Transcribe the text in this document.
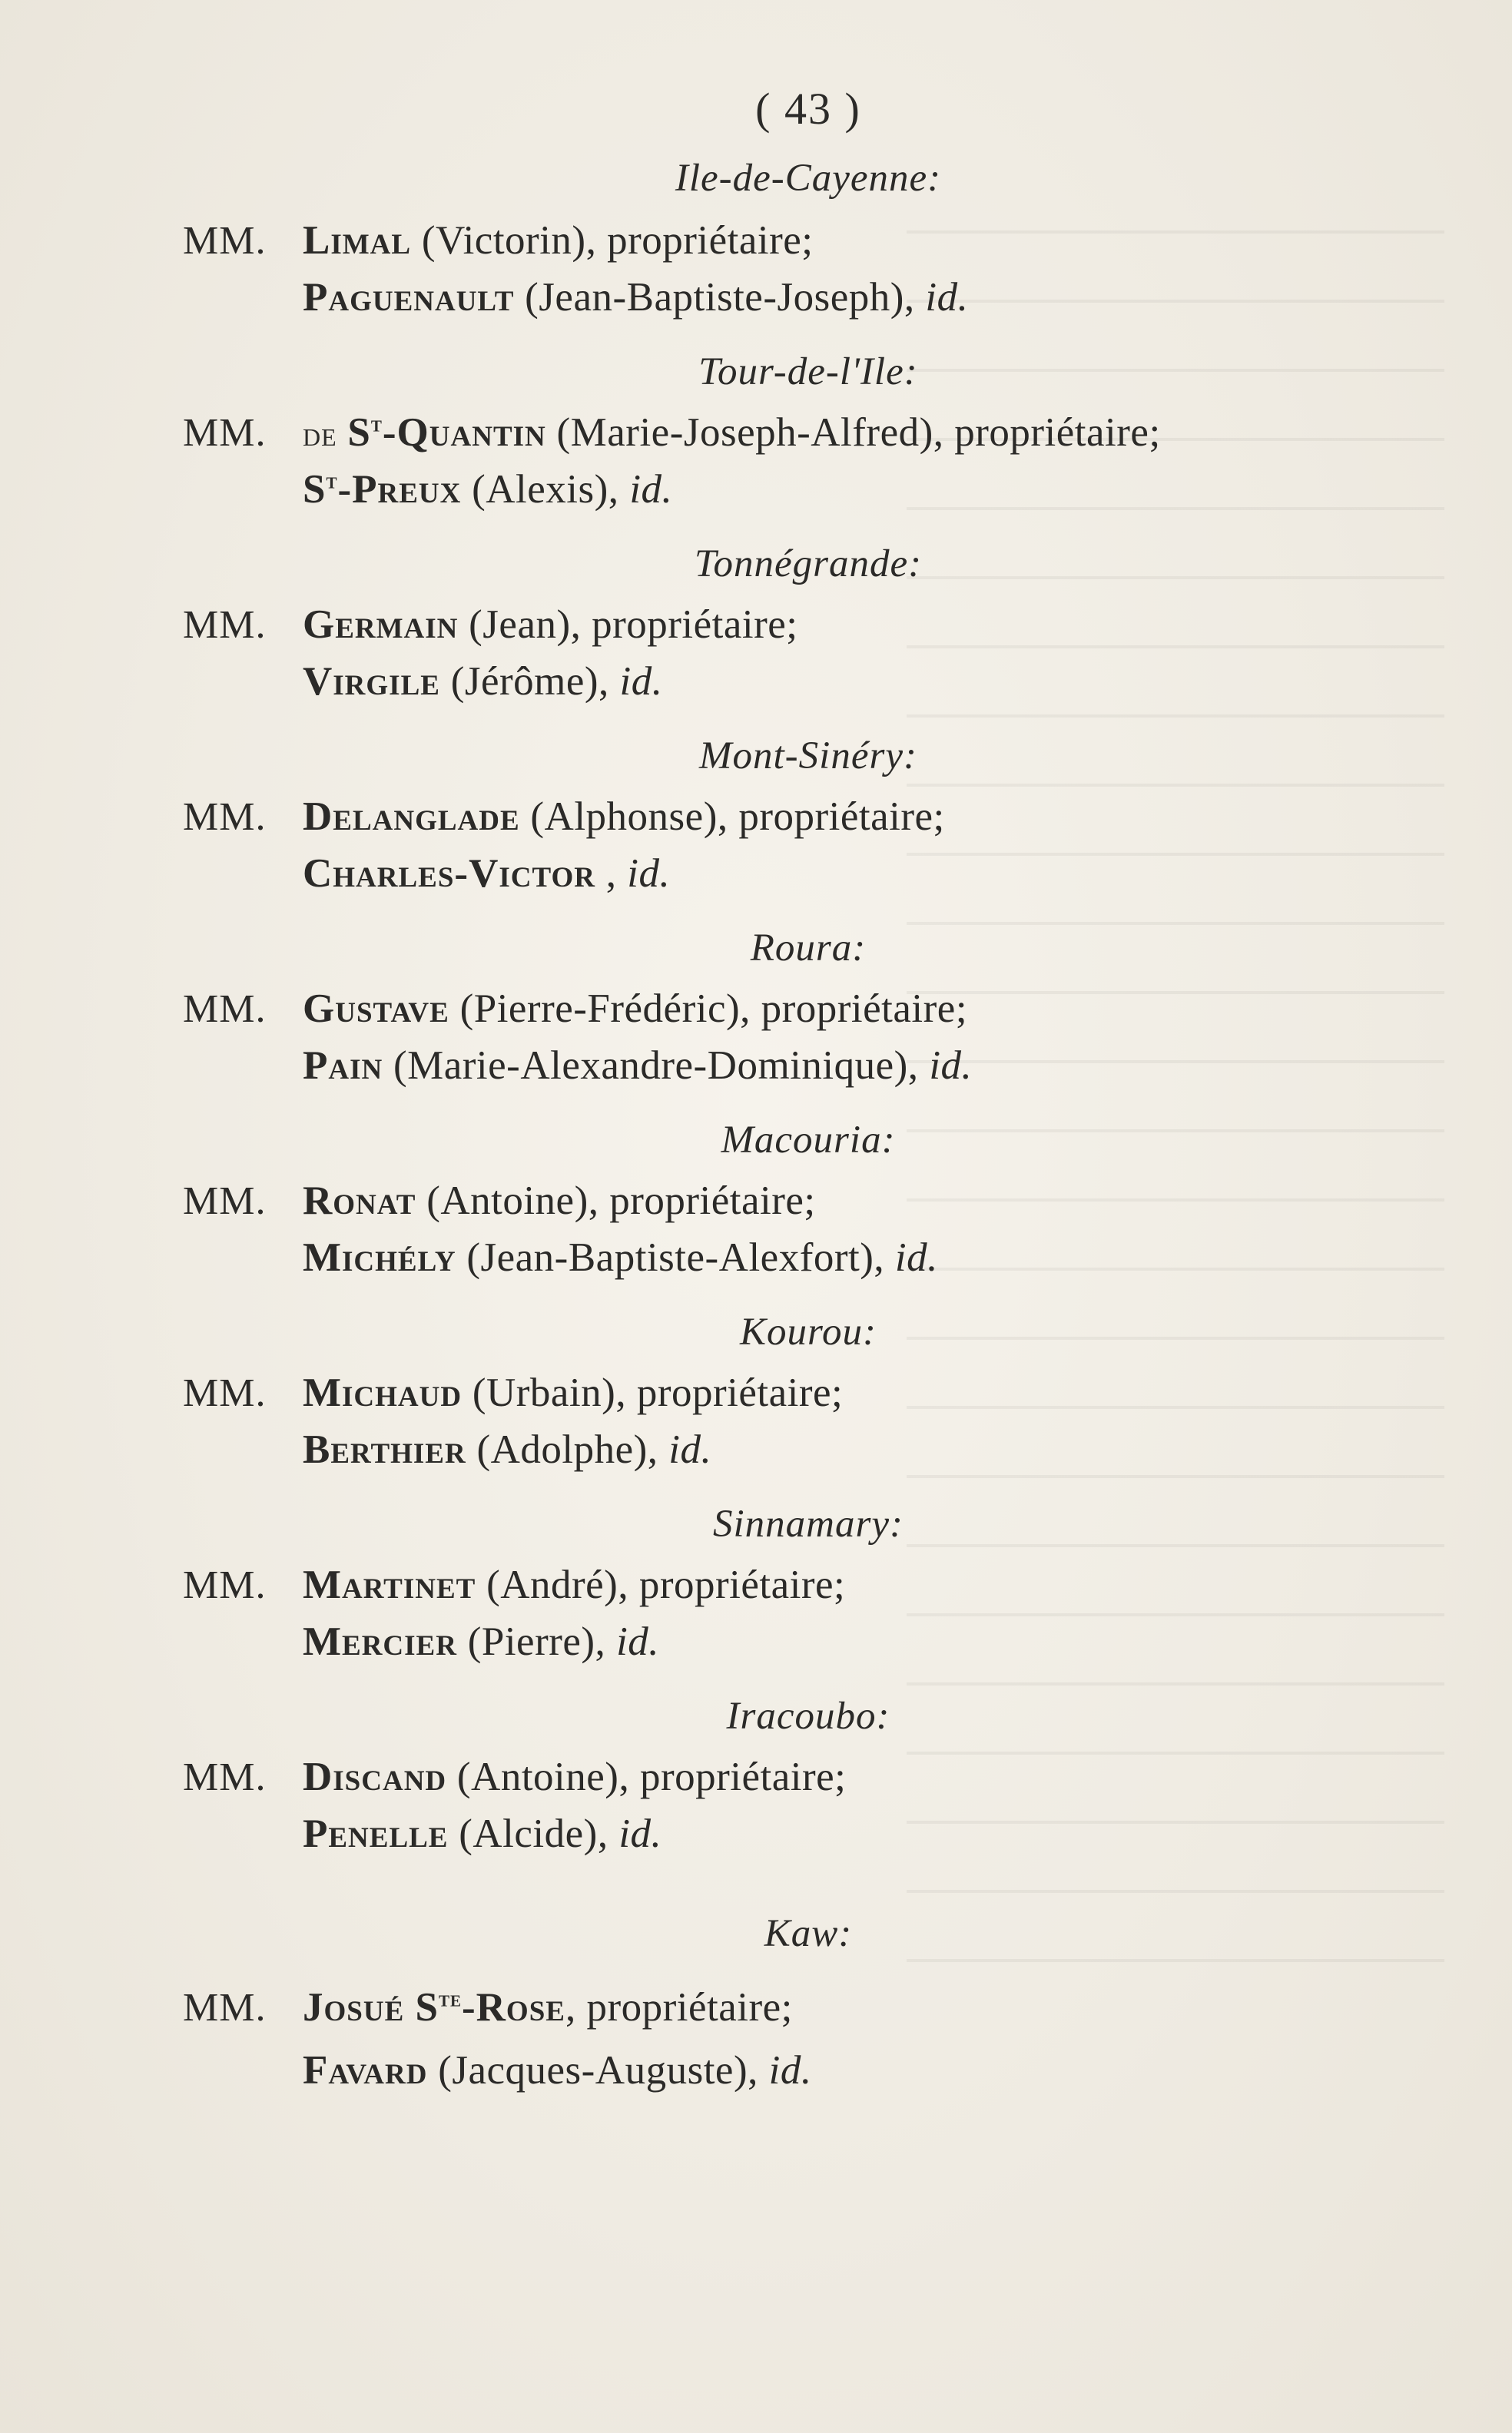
( 43 )
Ile-de-Cayenne:
MM. Limal (Victorin), propriétaire;
Paguenault (Jean-Baptiste-Joseph), id.
Tour-de-l'Ile:
MM. de $S^t$-Quantin (Marie-Joseph-Alfred), propriétaire;
$S^t$-Preux (Alexis), id.
Tonnégrande:
MM. Germain (Jean), propriétaire;
Virgile (Jérôme), id.
Mont-Sinéry:
MM. Delanglade (Alphonse), propriétaire;
Charles-Victor , id.
Roura:
MM. Gustave (Pierre-Frédéric), propriétaire;
Pain (Marie-Alexandre-Dominique), id.
Macouria:
MM. Ronat (Antoine), propriétaire;
Michély (Jean-Baptiste-Alexfort), id.
Kourou:
MM. Michaud (Urbain), propriétaire;
Berthier (Adolphe), id.
Sinnamary:
MM. Martinet (André), propriétaire;
Mercier (Pierre), id.
Iracoubo:
MM. Discand (Antoine), propriétaire;
Penelle (Alcide), id.
Kaw:
MM. Josué $S^{te}$-Rose, propriétaire;
Favard (Jacques-Auguste), id.
